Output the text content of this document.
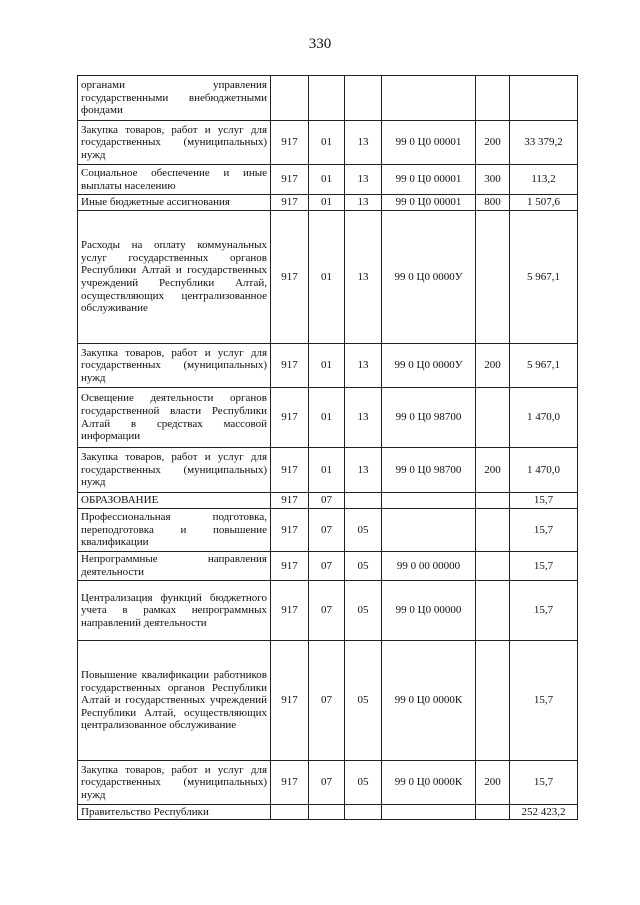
330
органами управления государственными внебюджетными фондами						
Закупка товаров, работ и услуг для государственных (муниципальных) нужд	917	01	13	99 0 Ц0 00001	200	33 379,2
Социальное обеспечение и иные выплаты населению	917	01	13	99 0 Ц0 00001	300	113,2
Иные бюджетные ассигнования	917	01	13	99 0 Ц0 00001	800	1 507,6
Расходы на оплату коммунальных услуг государственных органов Республики Алтай и государственных учреждений Республики Алтай, осуществляющих централизованное обслуживание	917	01	13	99 0 Ц0 0000У		5 967,1
Закупка товаров, работ и услуг для государственных (муниципальных) нужд	917	01	13	99 0 Ц0 0000У	200	5 967,1
Освещение деятельности органов государственной власти Республики Алтай в средствах массовой информации	917	01	13	99 0 Ц0 98700		1 470,0
Закупка товаров, работ и услуг для государственных (муниципальных) нужд	917	01	13	99 0 Ц0 98700	200	1 470,0
ОБРАЗОВАНИЕ	917	07				15,7
Профессиональная подготовка, переподготовка и повышение квалификации	917	07	05			15,7
Непрограммные направления деятельности	917	07	05	99 0 00 00000		15,7
Централизация функций бюджетного учета в рамках непрограммных направлений деятельности	917	07	05	99 0 Ц0 00000		15,7
Повышение квалификации работников государственных органов Республики Алтай и государственных учреждений Республики Алтай, осуществляющих централизованное обслуживание	917	07	05	99 0 Ц0 0000К		15,7
Закупка товаров, работ и услуг для государственных (муниципальных) нужд	917	07	05	99 0 Ц0 0000К	200	15,7
Правительство Республики						252 423,2
